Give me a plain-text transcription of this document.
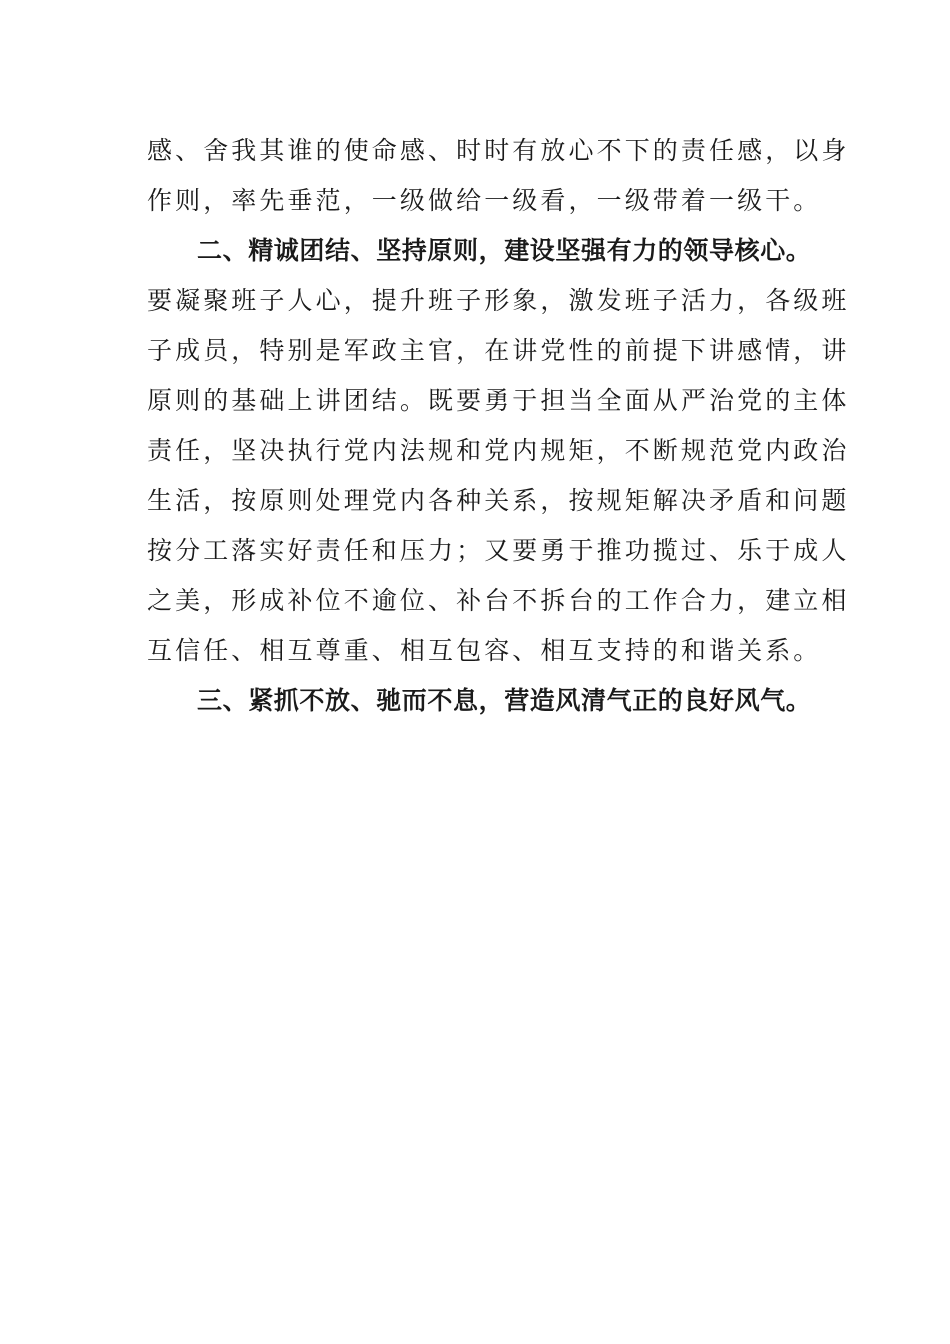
感、舍我其谁的使命感、时时有放心不下的责任感，以身
作则，率先垂范，一级做给一级看，一级带着一级干。
二、精诚团结、坚持原则，建设坚强有力的领导核心。
要凝聚班子人心，提升班子形象，激发班子活力，各级班
子成员，特别是军政主官，在讲党性的前提下讲感情，讲
原则的基础上讲团结。既要勇于担当全面从严治党的主体
责任，坚决执行党内法规和党内规矩，不断规范党内政治
生活，按原则处理党内各种关系，按规矩解决矛盾和问题
按分工落实好责任和压力；又要勇于推功揽过、乐于成人
之美，形成补位不逾位、补台不拆台的工作合力，建立相
互信任、相互尊重、相互包容、相互支持的和谐关系。
三、紧抓不放、驰而不息，营造风清气正的良好风气。
